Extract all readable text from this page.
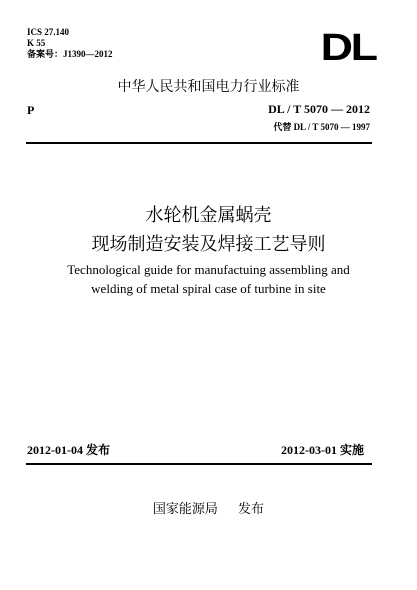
ICS 27.140
K 55
备案号：J1390—2012	DL
中华人民共和国电力行业标准
P	DL / T 5070 — 2012
代替 DL / T 5070 — 1997
水轮机金属蜗壳
现场制造安装及焊接工艺导则
Technological guide for manufactuing assembling and
welding of metal spiral case of turbine in site
2012-01-04 发布	2012-03-01 实施
国家能源局 发布
